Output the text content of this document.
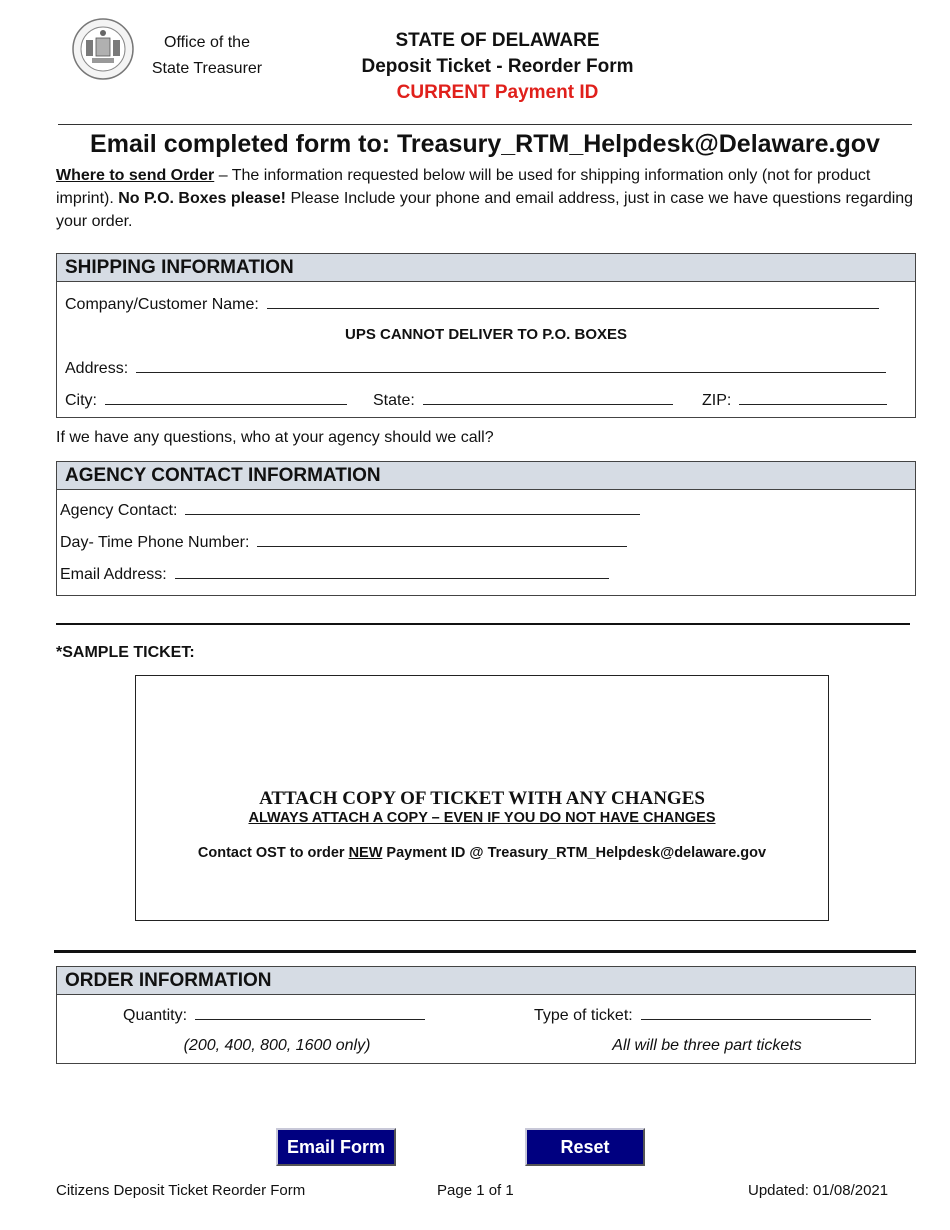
Office of the
State Treasurer
STATE OF DELAWARE
Deposit Ticket - Reorder Form
CURRENT Payment ID
Email completed form to: Treasury_RTM_Helpdesk@Delaware.gov
Where to send Order – The information requested below will be used for shipping information only (not for product imprint). No P.O. Boxes please! Please Include your phone and email address, just in case we have questions regarding your order.
SHIPPING INFORMATION
Company/Customer Name:
UPS CANNOT DELIVER TO P.O. BOXES
Address:
City:	State:	ZIP:
If we have any questions, who at your agency should we call?
AGENCY CONTACT INFORMATION
Agency Contact:
Day- Time Phone Number:
Email Address:
*SAMPLE TICKET:
ATTACH COPY OF TICKET WITH ANY CHANGES
ALWAYS ATTACH A COPY – EVEN IF YOU DO NOT HAVE CHANGES
Contact OST to order NEW Payment ID @ Treasury_RTM_Helpdesk@delaware.gov
ORDER INFORMATION
Quantity:
(200, 400, 800, 1600 only)
Type of ticket:
All will be three part tickets
Email Form	Reset
Citizens Deposit Ticket Reorder Form	Page 1 of 1	Updated: 01/08/2021
